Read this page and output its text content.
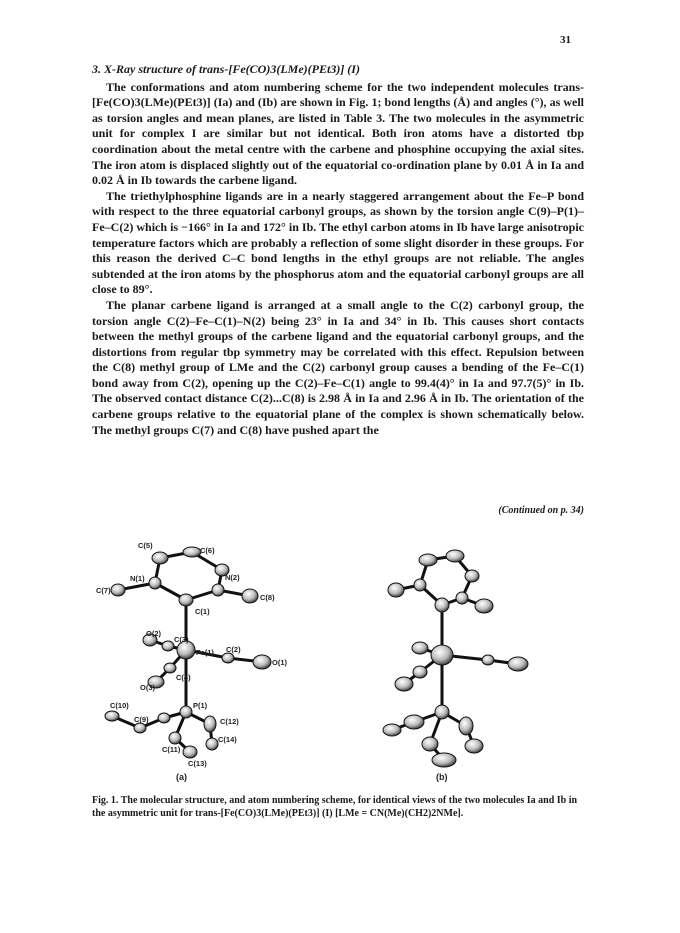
31
3. X-Ray structure of trans-[Fe(CO)3(LMe)(PEt3)] (I)

The conformations and atom numbering scheme for the two independent molecules trans-[Fe(CO)3(LMe)(PEt3)] (Ia) and (Ib) are shown in Fig. 1; bond lengths (Å) and angles (°), as well as torsion angles and mean planes, are listed in Table 3. The two molecules in the asymmetric unit for complex I are similar but not identical. Both iron atoms have a distorted tbp coordination about the metal centre with the carbene and phosphine occupying the axial sites. The iron atom is displaced slightly out of the equatorial co-ordination plane by 0.01 Å in Ia and 0.02 Å in Ib towards the carbene ligand.

The triethylphosphine ligands are in a nearly staggered arrangement about the Fe–P bond with respect to the three equatorial carbonyl groups, as shown by the torsion angle C(9)–P(1)–Fe–C(2) which is −166° in Ia and 172° in Ib. The ethyl carbon atoms in Ib have large anisotropic temperature factors which are probably a reflection of some slight disorder in these groups. For this reason the derived C–C bond lengths in the ethyl groups are not reliable. The angles subtended at the iron atoms by the phosphorus atom and the equatorial carbonyl groups are all close to 89°.

The planar carbene ligand is arranged at a small angle to the C(2) carbonyl group, the torsion angle C(2)–Fe–C(1)–N(2) being 23° in Ia and 34° in Ib. This causes short contacts between the methyl groups of the carbene ligand and the equatorial carbonyl groups, and the distortions from regular tbp symmetry may be correlated with this effect. Repulsion between the C(8) methyl group of LMe and the C(2) carbonyl group causes a bending of the Fe–C(1) bond away from C(2), opening up the C(2)–Fe–C(1) angle to 99.4(4)° in Ia and 97.7(5)° in Ib. The observed contact distance C(2)...C(8) is 2.98 Å in Ia and 2.96 Å in Ib. The orientation of the carbene groups relative to the equatorial plane of the complex is shown schematically below. The methyl groups C(7) and C(8) have pushed apart the

(Continued on p. 34)
C(5)
C(6)
N(1)	N(2)
C(7)
C(8)
C(1)
O(2)
C(3)
Fe(1) C(2)
O(1)
O(3)
C(4)
C(10)	P(1)
C(9)	C(12)
C(14)
C(11)
C(13)
(a)	(b)
Fig. 1. The molecular structure, and atom numbering scheme, for identical views of the two molecules Ia and Ib in the asymmetric unit for trans-[Fe(CO)3(LMe)(PEt3)] (I) [LMe = CN(Me)(CH2)2NMe].
